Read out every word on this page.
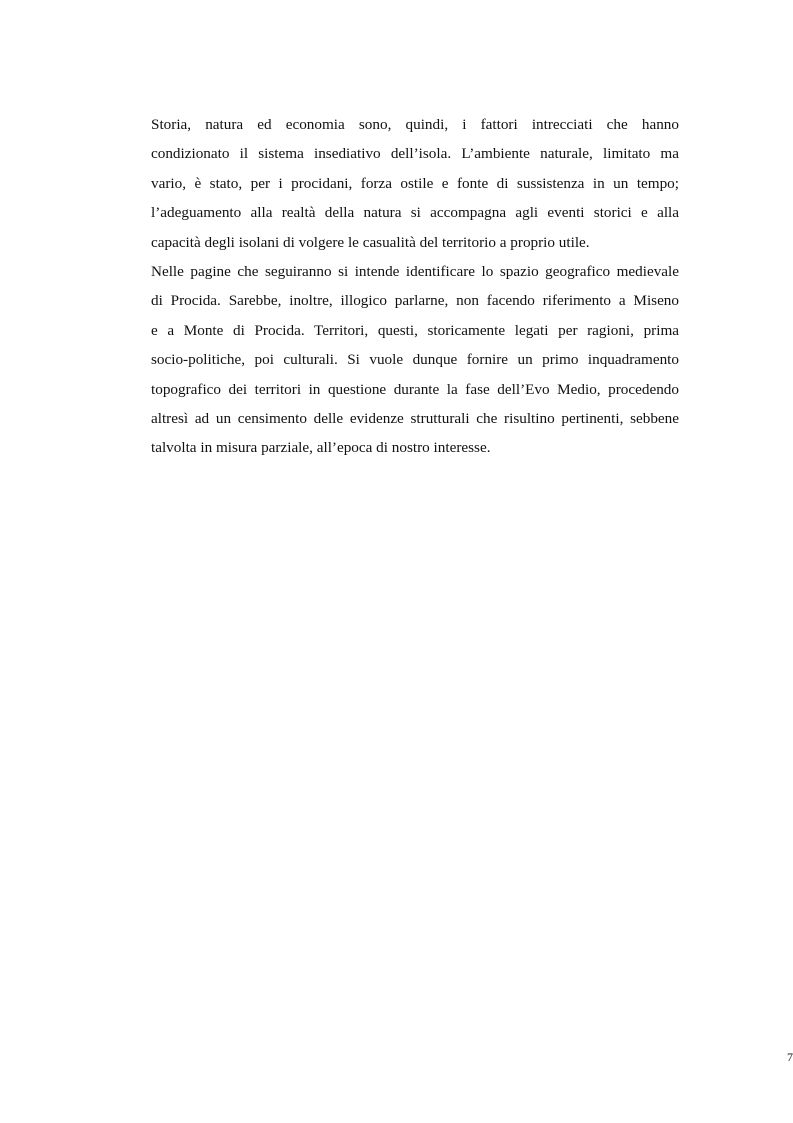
Storia, natura ed economia sono, quindi, i fattori intrecciati che hanno
condizionato il sistema insediativo dell’isola. L’ambiente naturale, limitato ma
vario, è stato, per i procidani, forza ostile e fonte di sussistenza in un tempo;
l’adeguamento alla realtà della natura si accompagna agli eventi storici e alla
capacità degli isolani di volgere le casualità del territorio a proprio utile.
Nelle pagine che seguiranno si intende identificare lo spazio geografico medievale
di Procida. Sarebbe, inoltre, illogico parlarne, non facendo riferimento a Miseno
e a Monte di Procida. Territori, questi, storicamente legati per ragioni, prima
socio-politiche, poi culturali. Si vuole dunque fornire un primo inquadramento
topografico dei territori in questione durante la fase dell’Evo Medio, procedendo
altresì ad un censimento delle evidenze strutturali che risultino pertinenti, sebbene
talvolta in misura parziale, all’epoca di nostro interesse.
7
